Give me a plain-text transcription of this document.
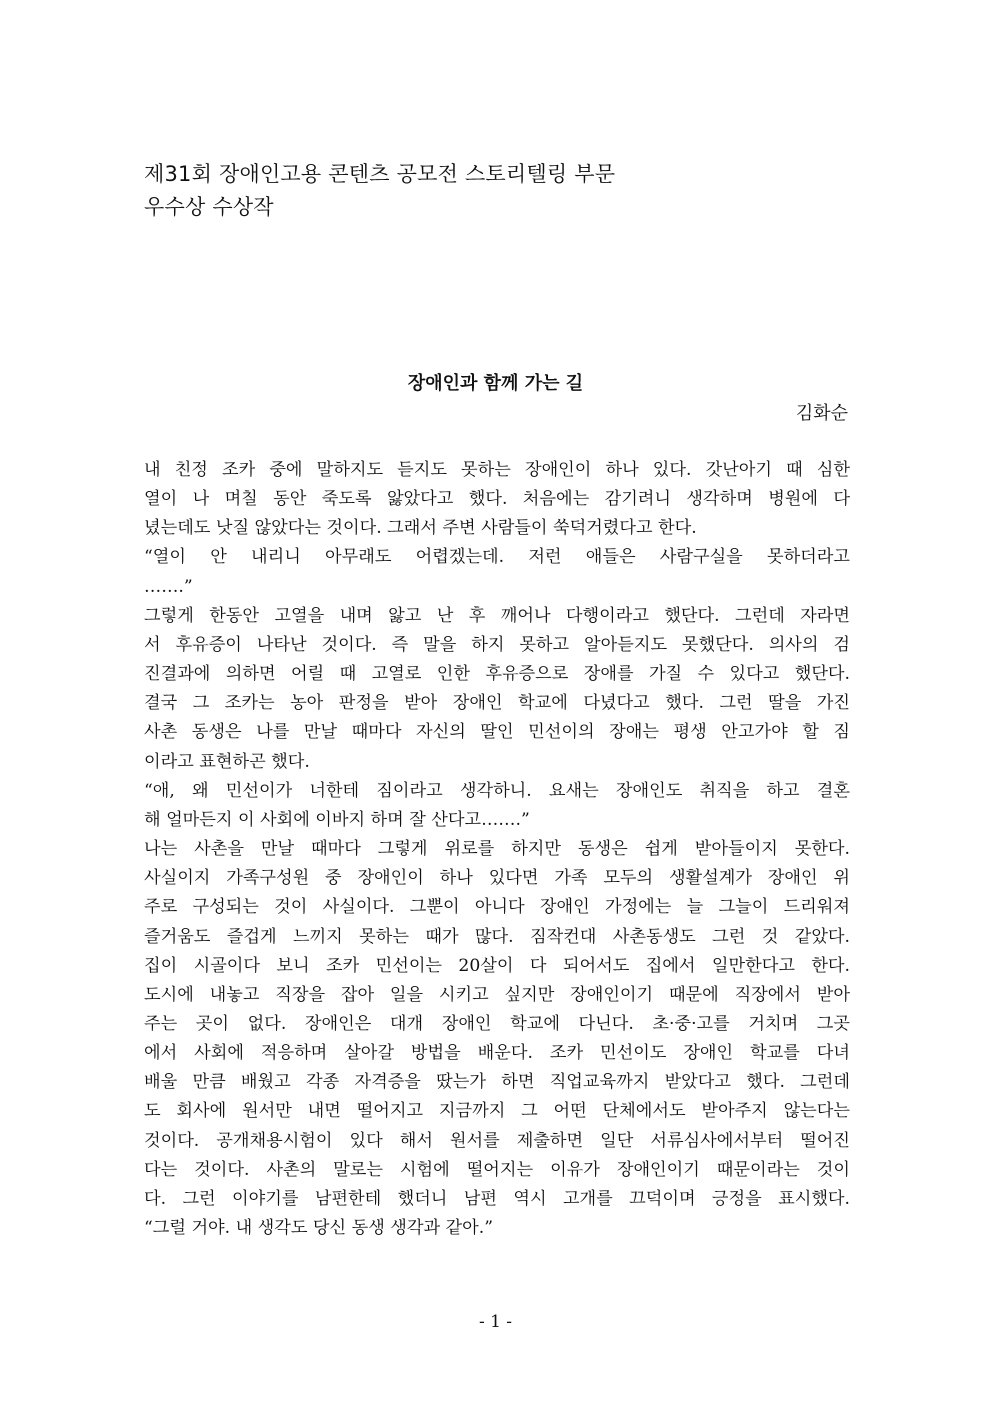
제31회 장애인고용 콘텐츠 공모전 스토리텔링 부문
우수상 수상작
장애인과 함께 가는 길
김화순
내 친정 조카 중에 말하지도 듣지도 못하는 장애인이 하나 있다. 갓난아기 때 심한
열이 나 며칠 동안 죽도록 앓았다고 했다. 처음에는 감기려니 생각하며 병원에 다
녔는데도 낫질 않았다는 것이다. 그래서 주변 사람들이 쑥덕거렸다고 한다.
“열이 안 내리니 아무래도 어렵겠는데. 저런 애들은 사람구실을 못하더라고
…….”
그렇게 한동안 고열을 내며 앓고 난 후 깨어나 다행이라고 했단다. 그런데 자라면
서 후유증이 나타난 것이다. 즉 말을 하지 못하고 알아듣지도 못했단다. 의사의 검
진결과에 의하면 어릴 때 고열로 인한 후유증으로 장애를 가질 수 있다고 했단다.
결국 그 조카는 농아 판정을 받아 장애인 학교에 다녔다고 했다. 그런 딸을 가진
사촌 동생은 나를 만날 때마다 자신의 딸인 민선이의 장애는 평생 안고가야 할 짐
이라고 표현하곤 했다.
“애, 왜 민선이가 너한테 짐이라고 생각하니. 요새는 장애인도 취직을 하고 결혼
해 얼마든지 이 사회에 이바지 하며 잘 산다고…….”
나는 사촌을 만날 때마다 그렇게 위로를 하지만 동생은 쉽게 받아들이지 못한다.
사실이지 가족구성원 중 장애인이 하나 있다면 가족 모두의 생활설계가 장애인 위
주로 구성되는 것이 사실이다. 그뿐이 아니다 장애인 가정에는 늘 그늘이 드리워져
즐거움도 즐겁게 느끼지 못하는 때가 많다. 짐작컨대 사촌동생도 그런 것 같았다.
집이 시골이다 보니 조카 민선이는 20살이 다 되어서도 집에서 일만한다고 한다.
도시에 내놓고 직장을 잡아 일을 시키고 싶지만 장애인이기 때문에 직장에서 받아
주는 곳이 없다. 장애인은 대개 장애인 학교에 다닌다. 초·중·고를 거치며 그곳
에서 사회에 적응하며 살아갈 방법을 배운다. 조카 민선이도 장애인 학교를 다녀
배울 만큼 배웠고 각종 자격증을 땄는가 하면 직업교육까지 받았다고 했다. 그런데
도 회사에 원서만 내면 떨어지고 지금까지 그 어떤 단체에서도 받아주지 않는다는
것이다. 공개채용시험이 있다 해서 원서를 제출하면 일단 서류심사에서부터 떨어진
다는 것이다. 사촌의 말로는 시험에 떨어지는 이유가 장애인이기 때문이라는 것이
다. 그런 이야기를 남편한테 했더니 남편 역시 고개를 끄덕이며 긍정을 표시했다.
“그럴 거야. 내 생각도 당신 동생 생각과 같아.”
- 1 -
